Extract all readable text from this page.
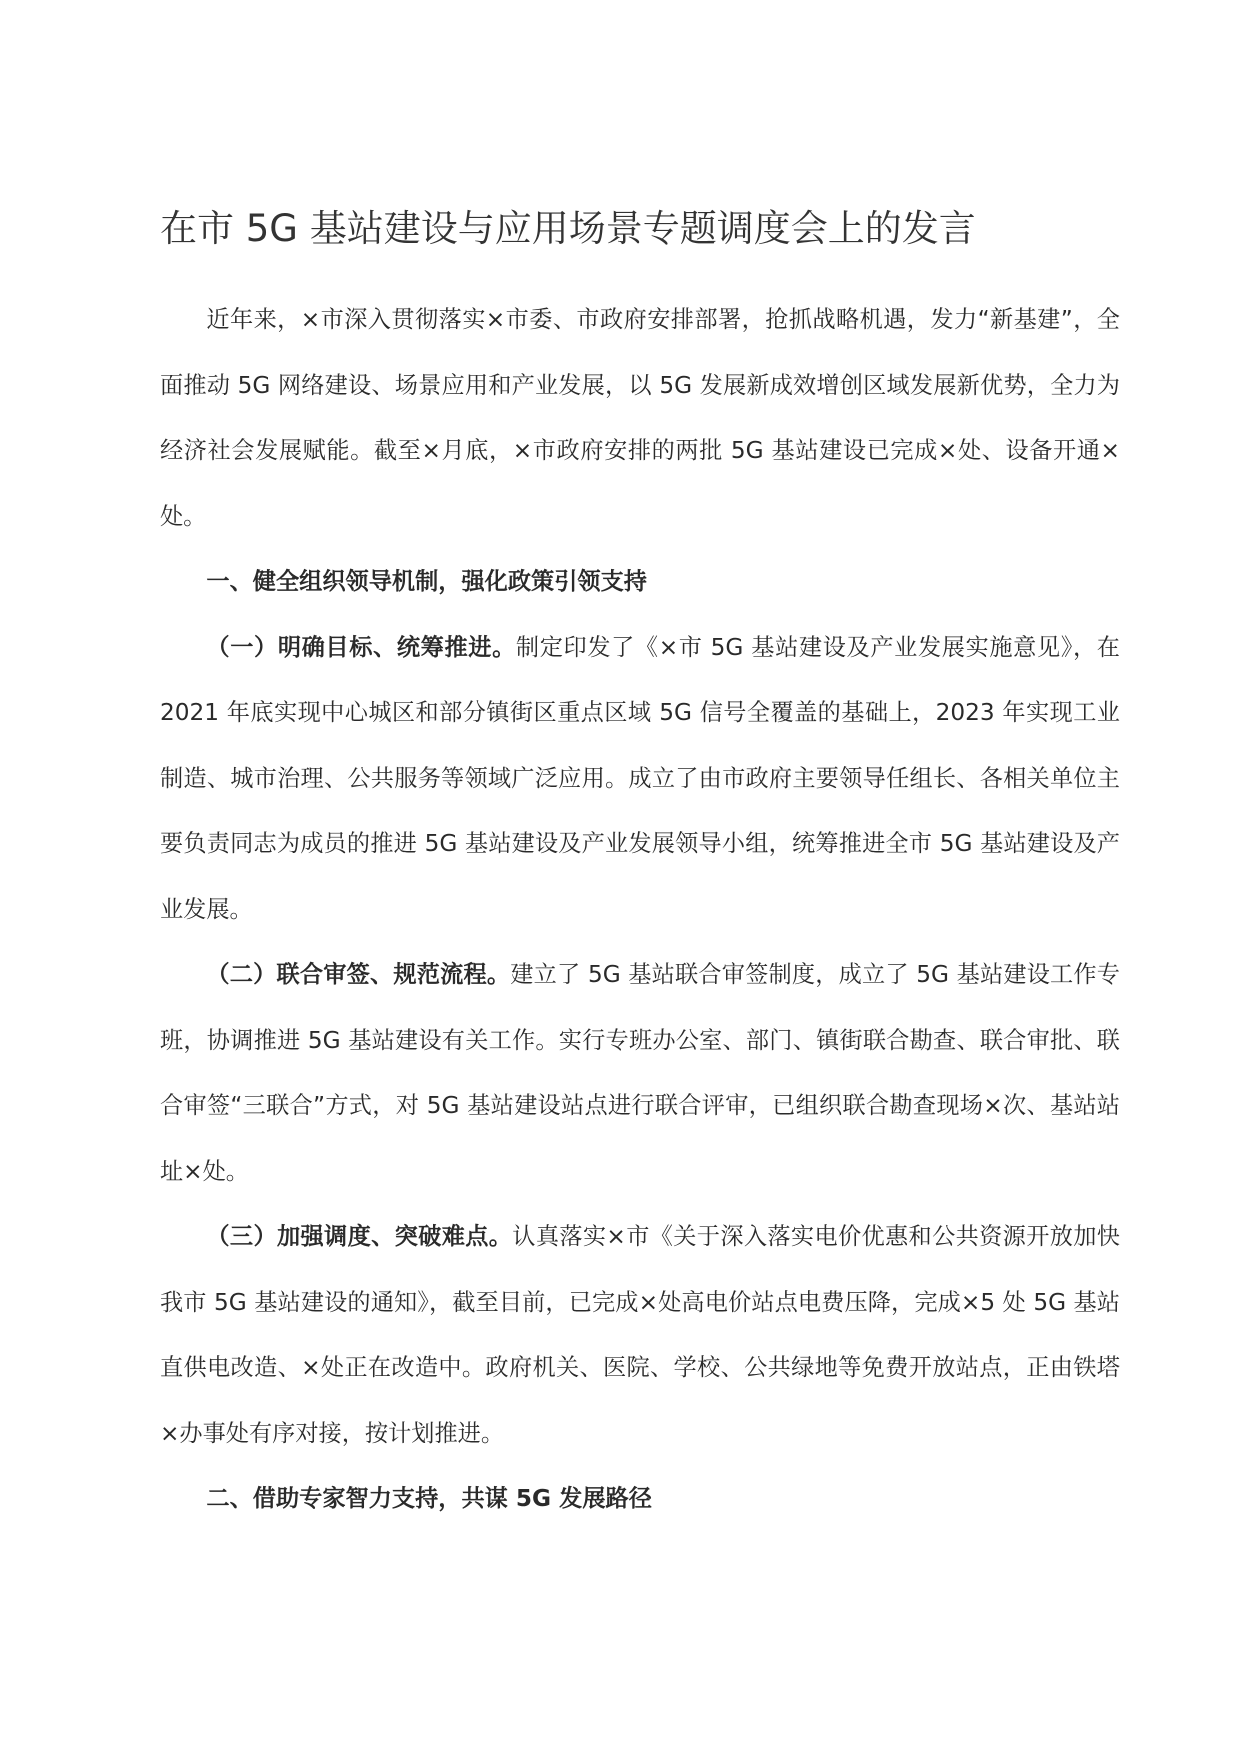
在市 5G 基站建设与应用场景专题调度会上的发言

近年来，×市深入贯彻落实×市委、市政府安排部署，抢抓战略机遇，发力“新基建”，全面推动 5G 网络建设、场景应用和产业发展，以 5G 发展新成效增创区域发展新优势，全力为经济社会发展赋能。截至×月底，×市政府安排的两批 5G 基站建设已完成×处、设备开通×处。

一、健全组织领导机制，强化政策引领支持

（一）明确目标、统筹推进。制定印发了《×市 5G 基站建设及产业发展实施意见》，在 2021 年底实现中心城区和部分镇街区重点区域 5G 信号全覆盖的基础上，2023 年实现工业制造、城市治理、公共服务等领域广泛应用。成立了由市政府主要领导任组长、各相关单位主要负责同志为成员的推进 5G 基站建设及产业发展领导小组，统筹推进全市 5G 基站建设及产业发展。

（二）联合审签、规范流程。建立了 5G 基站联合审签制度，成立了 5G 基站建设工作专班，协调推进 5G 基站建设有关工作。实行专班办公室、部门、镇街联合勘查、联合审批、联合审签“三联合”方式，对 5G 基站建设站点进行联合评审，已组织联合勘查现场×次、基站站址×处。

（三）加强调度、突破难点。认真落实×市《关于深入落实电价优惠和公共资源开放加快我市 5G 基站建设的通知》，截至目前，已完成×处高电价站点电费压降，完成×5 处 5G 基站直供电改造、×处正在改造中。政府机关、医院、学校、公共绿地等免费开放站点，正由铁塔×办事处有序对接，按计划推进。

二、借助专家智力支持，共谋 5G 发展路径
